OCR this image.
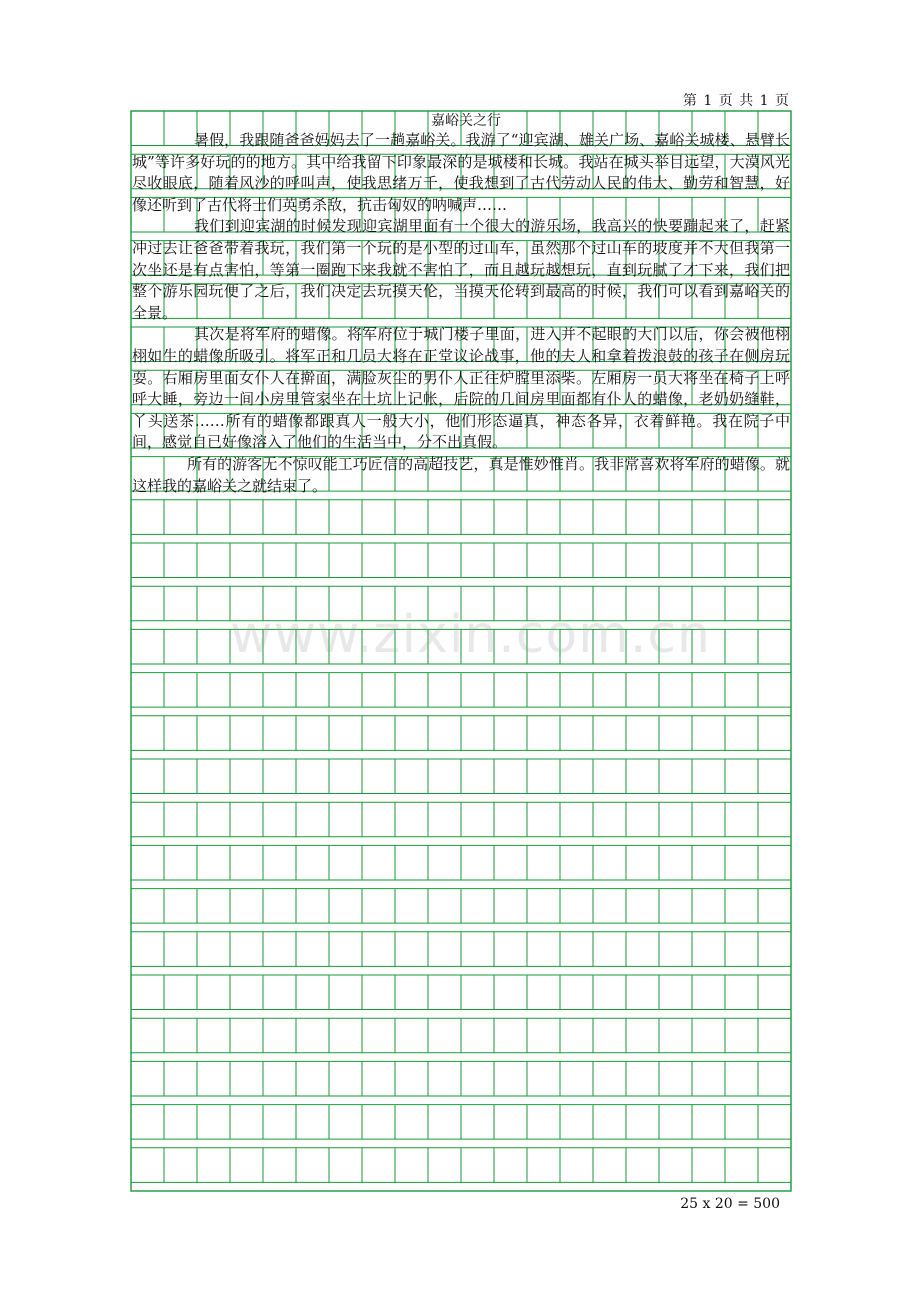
第 1 页 共 1 页
嘉峪关之行

暑假，我跟随爸爸妈妈去了一趟嘉峪关。我游了“迎宾湖、雄关广场、嘉峪关城楼、悬臂长城”等许多好玩的的地方。其中给我留下印象最深的是城楼和长城。我站在城头举目远望，大漠风光尽收眼底，随着风沙的呼叫声，使我思绪万千，使我想到了古代劳动人民的伟大、勤劳和智慧，好像还听到了古代将士们英勇杀敌，抗击匈奴的呐喊声……

我们到迎宾湖的时候发现迎宾湖里面有一个很大的游乐场，我高兴的快要蹦起来了，赶紧冲过去让爸爸带着我玩，我们第一个玩的是小型的过山车，虽然那个过山车的坡度并不大但我第一次坐还是有点害怕，等第一圈跑下来我就不害怕了，而且越玩越想玩，直到玩腻了才下来，我们把整个游乐园玩便了之后，我们决定去玩摸天伦，当摸天伦转到最高的时候，我们可以看到嘉峪关的全景。

其次是将军府的蜡像。将军府位于城门楼子里面，进入并不起眼的大门以后，你会被他栩栩如生的蜡像所吸引。将军正和几员大将在正堂议论战事，他的夫人和拿着拨浪鼓的孩子在侧房玩耍。右厢房里面女仆人在擀面，满脸灰尘的男仆人正往炉膛里添柴。左厢房一员大将坐在椅子上呼呼大睡，旁边一间小房里管家坐在土坑上记帐，后院的几间房里面都有仆人的蜡像，老奶奶缝鞋，丫头送茶……所有的蜡像都跟真人一般大小，他们形态逼真，神态各异，衣着鲜艳。我在院子中间，感觉自已好像溶入了他们的生活当中，分不出真假。

所有的游客无不惊叹能工巧匠信的高超技艺，真是惟妙惟肖。我非常喜欢将军府的蜡像。就这样我的嘉峪关之就结束了。

www.zixin.com.cn
25 x 20 = 500
